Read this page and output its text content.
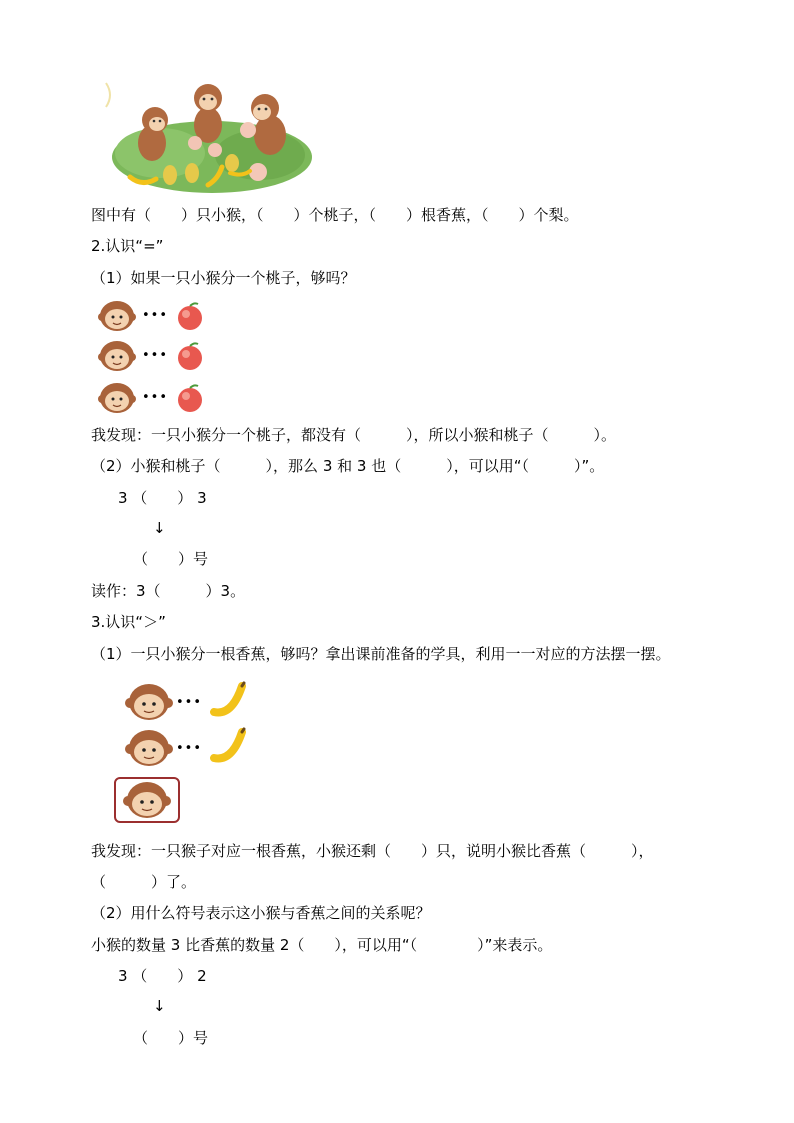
图中有（　　）只小猴，（　　）个桃子，（　　）根香蕉，（　　）个梨。
2.认识“=”
（1）如果一只小猴分一个桃子，够吗？
•••
•••
•••
我发现：一只小猴分一个桃子，都没有（　　　），所以小猴和桃子（　　　）。
（2）小猴和桃子（　　　），那么 3 和 3 也（　　　），可以用“（　　　）”。
3 （　　） 3
↓
（　　）号
读作：3（　　　）3。
3.认识“＞”
（1）一只小猴分一根香蕉，够吗？拿出课前准备的学具，利用一一对应的方法摆一摆。
•••
•••
我发现：一只猴子对应一根香蕉，小猴还剩（　　）只，说明小猴比香蕉（　　　），
（　　　）了。
（2）用什么符号表示这小猴与香蕉之间的关系呢？
小猴的数量 3 比香蕉的数量 2（　　），可以用“（　　　　）”来表示。
3 （　　） 2
↓
（　　）号
